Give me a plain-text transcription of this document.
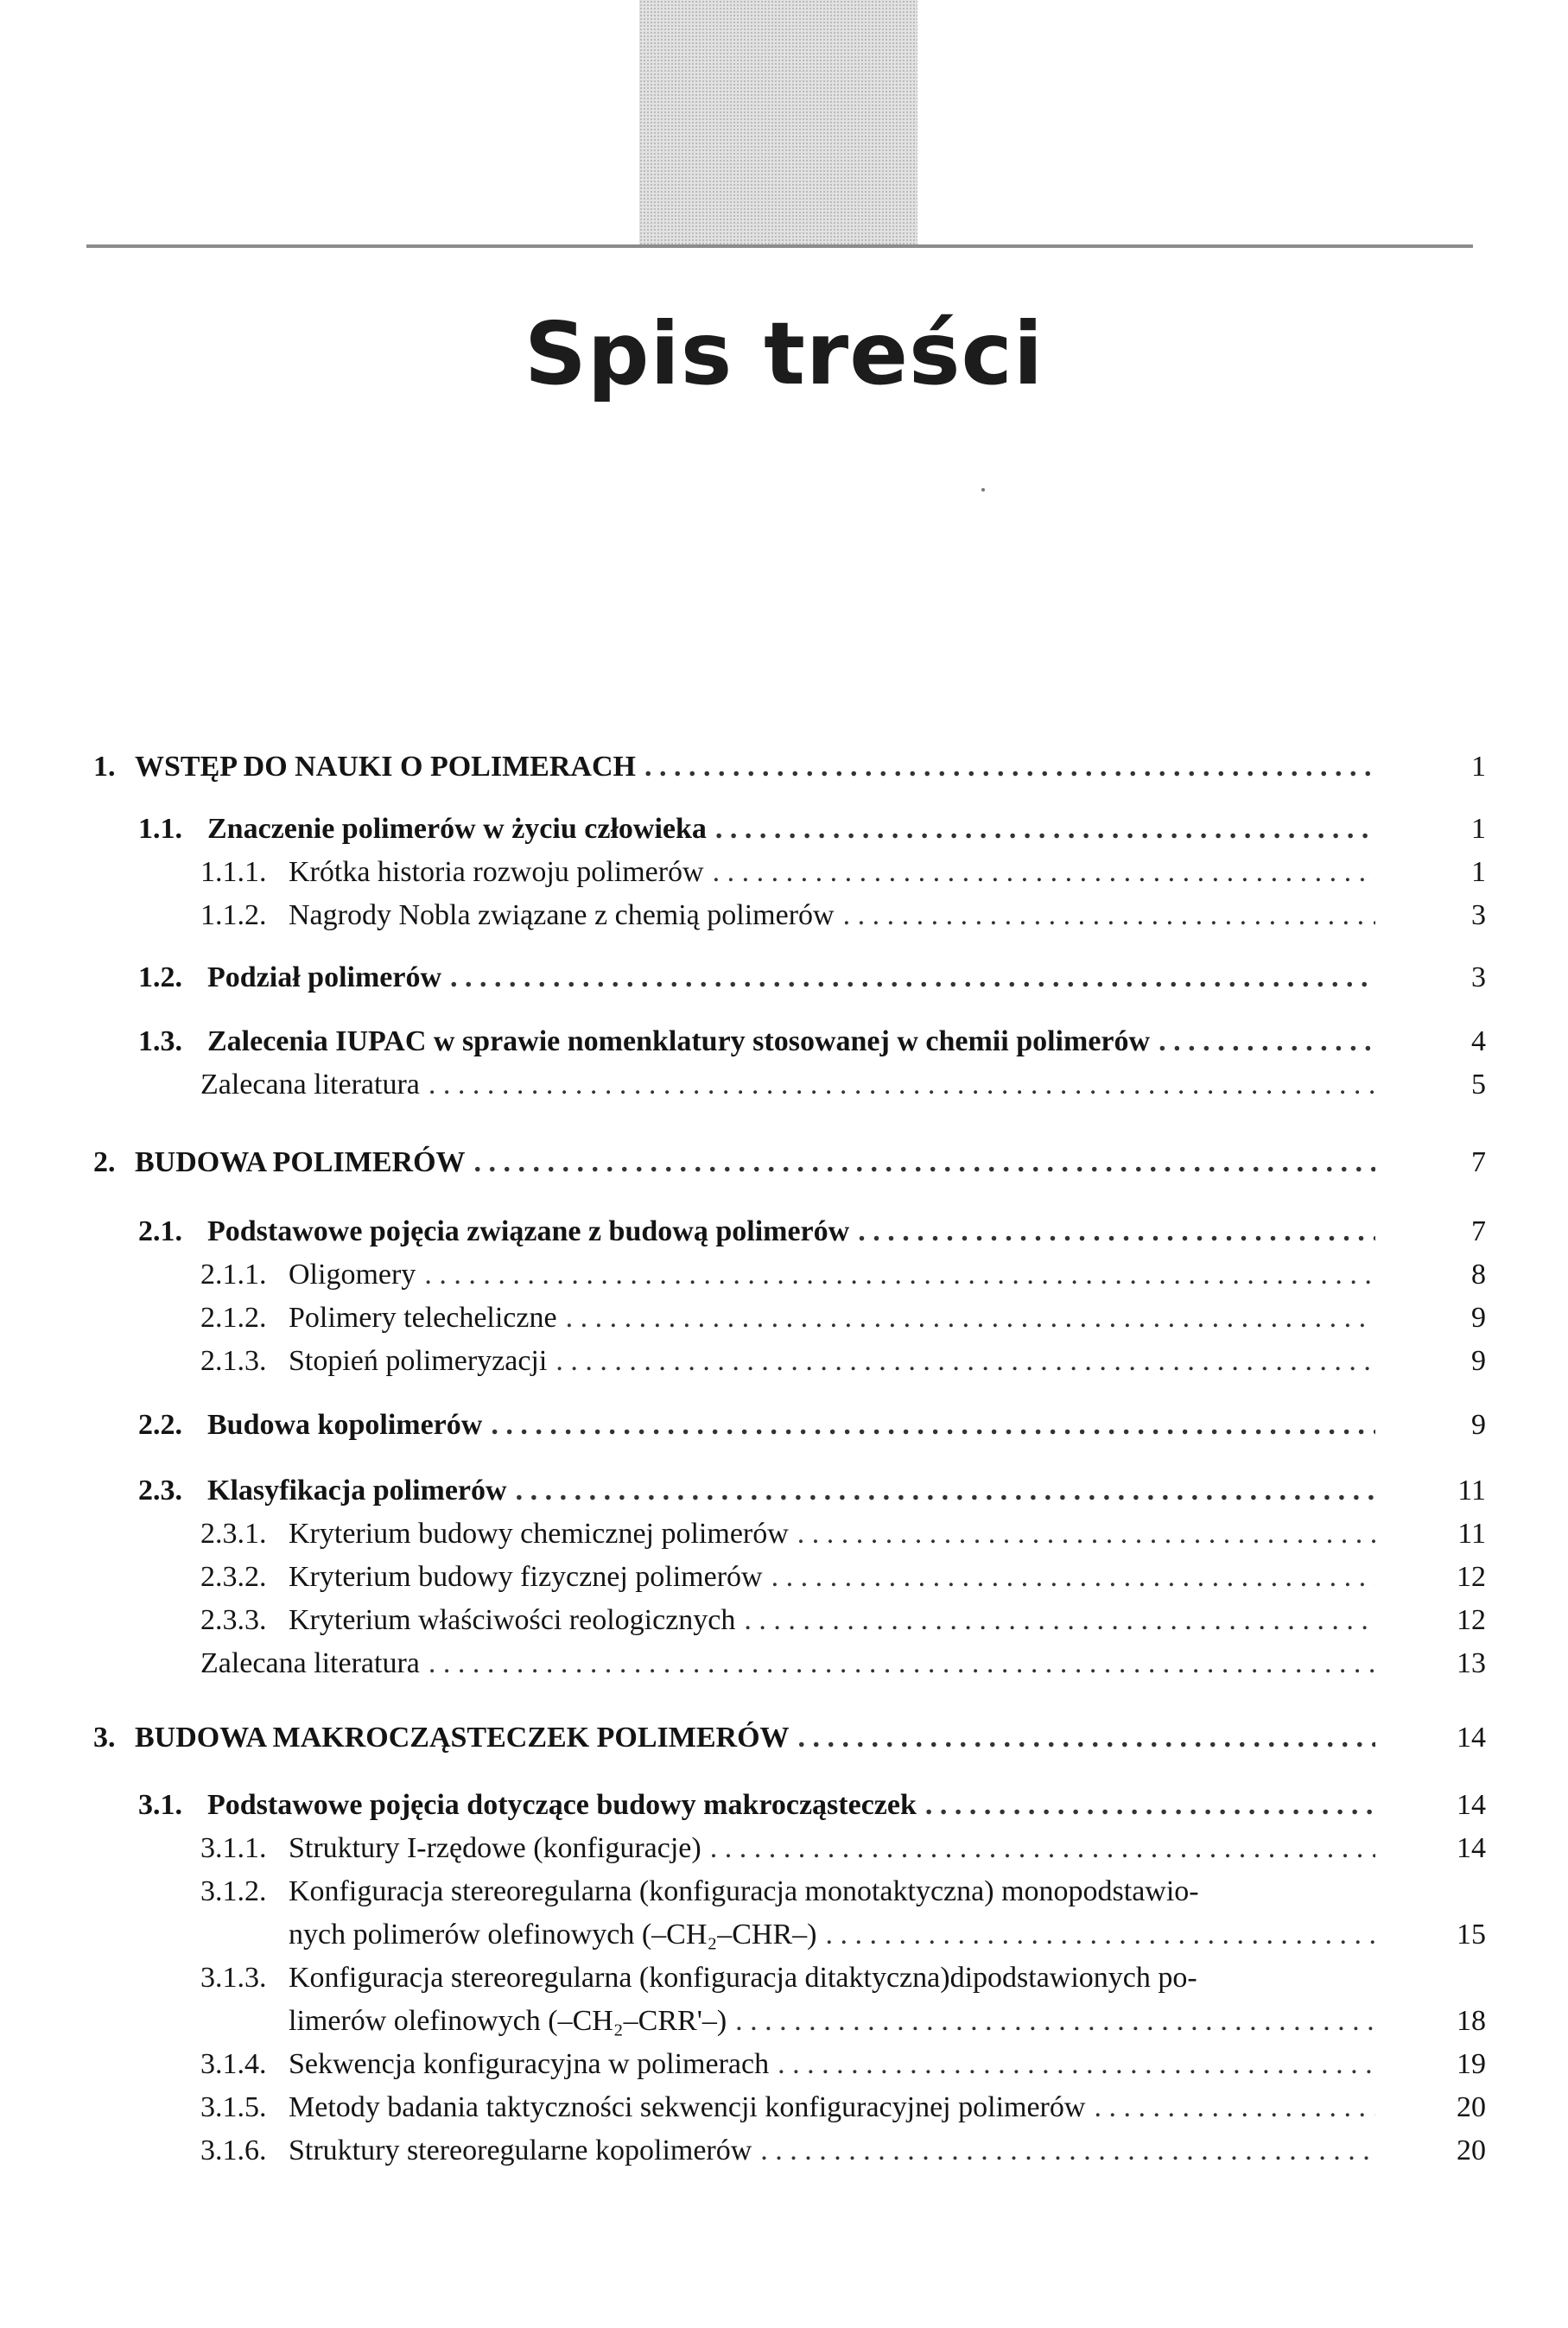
Spis treści
1. WSTĘP DO NAUKI O POLIMERACH . . .	1
1.1. Znaczenie polimerów w życiu człowieka . . .	1
1.1.1. Krótka historia rozwoju polimerów . . .	1
1.1.2. Nagrody Nobla związane z chemią polimerów . . .	3
1.2. Podział polimerów . . .	3
1.3. Zalecenia IUPAC w sprawie nomenklatury stosowanej w chemii polimerów . . .	4
Zalecana literatura . . .	5
2. BUDOWA POLIMERÓW . . .	7
2.1. Podstawowe pojęcia związane z budową polimerów . . .	7
2.1.1. Oligomery . . .	8
2.1.2. Polimery telecheliczne . . .	9
2.1.3. Stopień polimeryzacji . . .	9
2.2. Budowa kopolimerów . . .	9
2.3. Klasyfikacja polimerów . . .	11
2.3.1. Kryterium budowy chemicznej polimerów . . .	11
2.3.2. Kryterium budowy fizycznej polimerów . . .	12
2.3.3. Kryterium właściwości reologicznych . . .	12
Zalecana literatura . . .	13
3. BUDOWA MAKROCZĄSTECZEK POLIMERÓW . . .	14
3.1. Podstawowe pojęcia dotyczące budowy makrocząsteczek . . .	14
3.1.1. Struktury I-rzędowe (konfiguracje) . . .	14
3.1.2. Konfiguracja stereoregularna (konfiguracja monotaktyczna) monopodstawio-
nych polimerów olefinowych (–CH₂–CHR–) . . .	15
3.1.3. Konfiguracja stereoregularna (konfiguracja ditaktyczna)dipodstawionych po-
limerów olefinowych (–CH₂–CRR'–) . . .	18
3.1.4. Sekwencja konfiguracyjna w polimerach . . .	19
3.1.5. Metody badania taktyczności sekwencji konfiguracyjnej polimerów . . .	20
3.1.6. Struktury stereoregularne kopolimerów . . .	20
